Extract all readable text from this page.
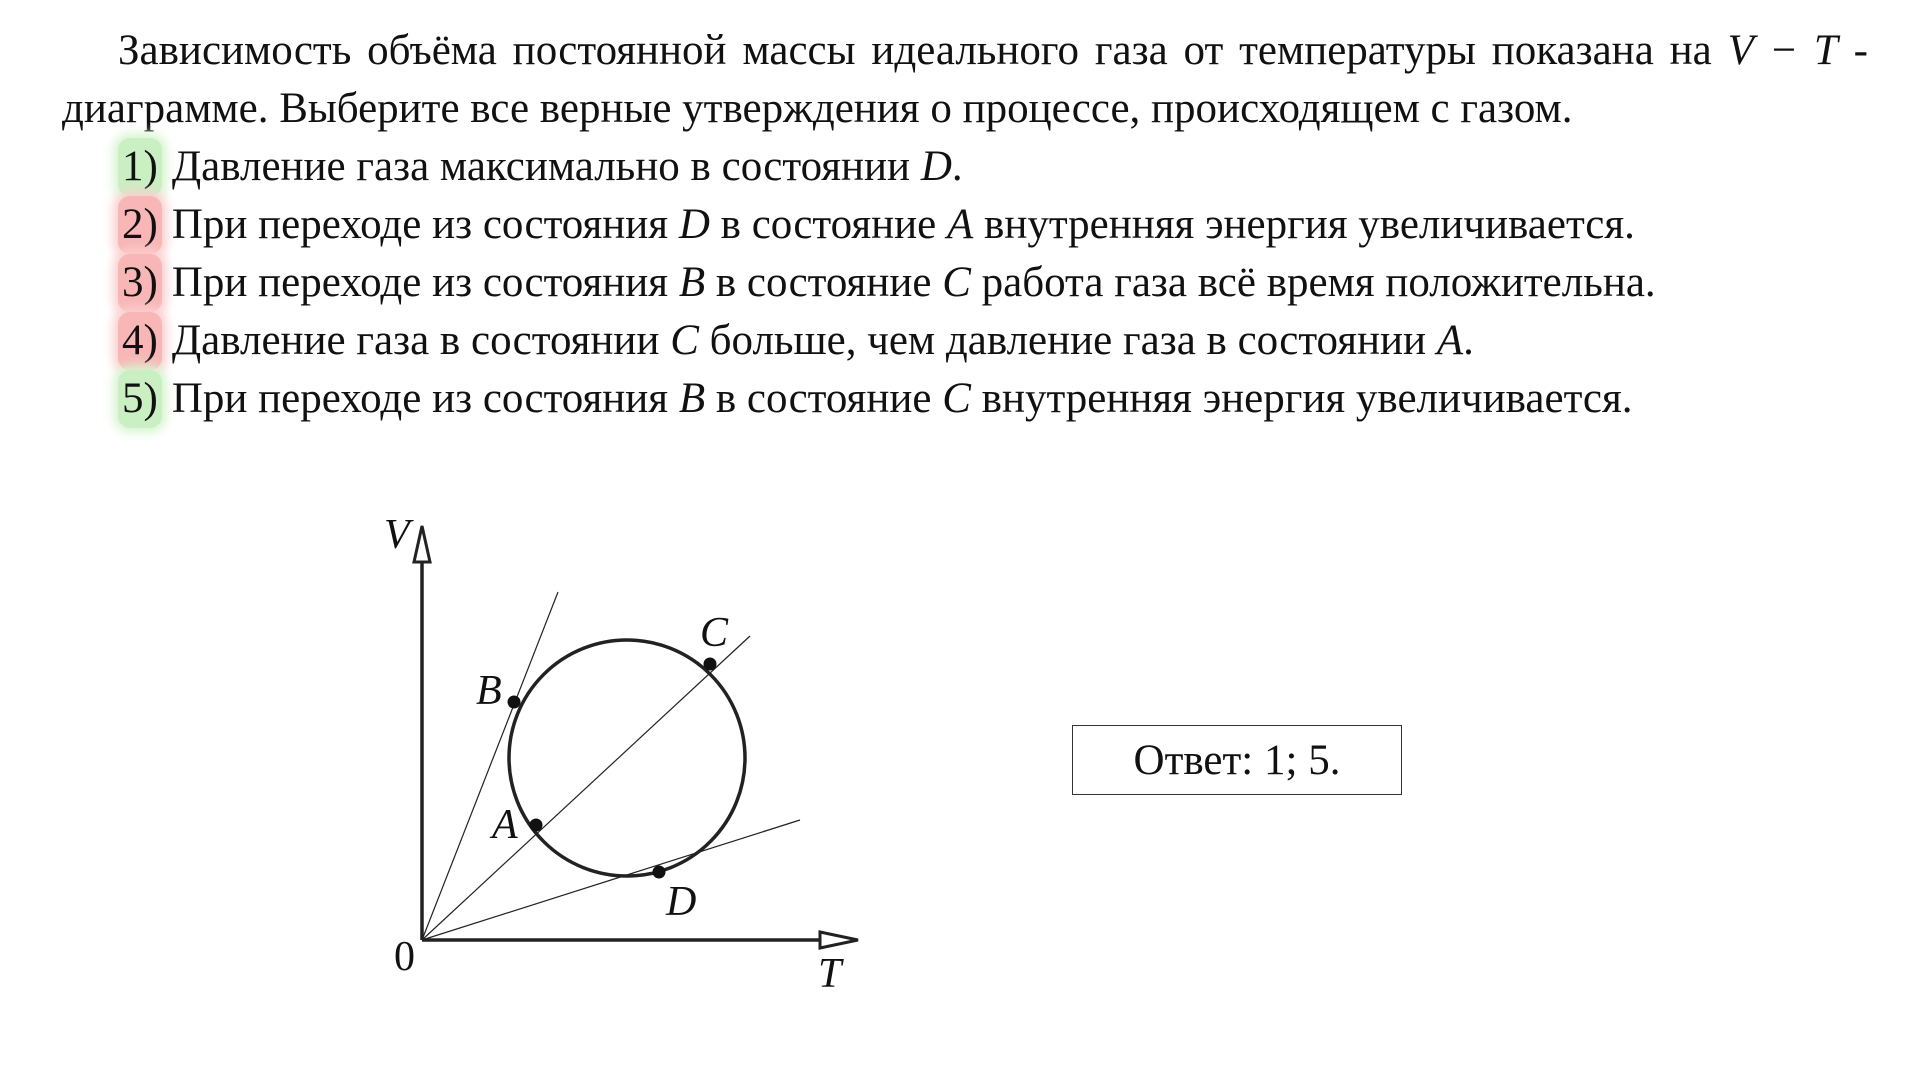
Зависимость объёма постоянной массы идеального газа от температуры показана на V − T - диаграмме. Выберите все верные утверждения о процессе, происходящем с газом.

1) Давление газа максимально в состоянии D.
2) При переходе из состояния D в состояние A внутренняя энергия увеличивается.
3) При переходе из состояния B в состояние C работа газа всё время положительна.
4) Давление газа в состоянии C больше, чем давление газа в состоянии A.
5) При переходе из состояния B в состояние C внутренняя энергия увеличивается.
V
T
0
B
C
A
D
Ответ: 1; 5.
